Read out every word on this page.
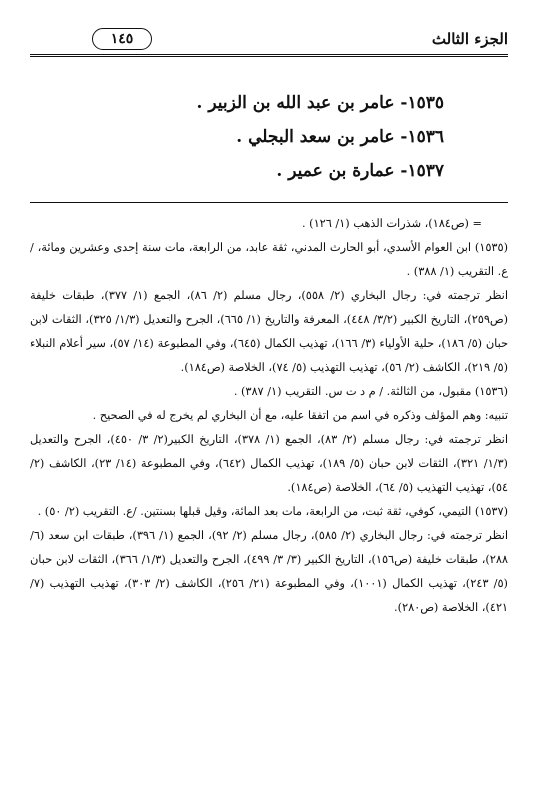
الجزء الثالث
١٤٥

١٥٣٥- عامر بن عبد الله بن الزبير .

١٥٣٦- عامر بن سعد البجلي .

١٥٣٧- عمارة بن عمير .

= (ص١٨٤)، شذرات الذهب (١/ ١٢٦) .

(١٥٣٥) ابن العوام الأسدي، أبو الحارث المدني، ثقة عابد، من الرابعة، مات سنة إحدى وعشرين ومائة، / ع. التقريب (١/ ٣٨٨) .

انظر ترجمته في: رجال البخاري (٢/ ٥٥٨)، رجال مسلم (٢/ ٨٦)، الجمع (١/ ٣٧٧)، طبقات خليفة (ص٢٥٩)، التاريخ الكبير (٣/٢/ ٤٤٨)، المعرفة والتاريخ (١/ ٦٦٥)، الجرح والتعديل (١/٣/ ٣٢٥)، الثقات لابن حبان (٥/ ١٨٦)، حلية الأولياء (٣/ ١٦٦)، تهذيب الكمال (٦٤٥)، وفي المطبوعة (١٤/ ٥٧)، سير أعلام النبلاء (٥/ ٢١٩)، الكاشف (٢/ ٥٦)، تهذيب التهذيب (٥/ ٧٤)، الخلاصة (ص١٨٤).

(١٥٣٦) مقبول، من الثالثة. / م د ت س. التقريب (١/ ٣٨٧) .

تنبيه: وهم المؤلف وذكره في اسم من اتفقا عليه، مع أن البخاري لم يخرج له في الصحيح .

انظر ترجمته في: رجال مسلم (٢/ ٨٣)، الجمع (١/ ٣٧٨)، التاريخ الكبير(٢/ ٣/ ٤٥٠)، الجرح والتعديل (١/٣/ ٣٢١)، الثقات لابن حبان (٥/ ١٨٩)، تهذيب الكمال (٦٤٢)، وفي المطبوعة (١٤/ ٢٣)، الكاشف (٢/ ٥٤)، تهذيب التهذيب (٥/ ٦٤)، الخلاصة (ص١٨٤).

(١٥٣٧) التيمي، كوفي، ثقة ثبت، من الرابعة، مات بعد المائة، وقيل قبلها بسنتين. /ع. التقريب (٢/ ٥٠) .

انظر ترجمته في: رجال البخاري (٢/ ٥٨٥)، رجال مسلم (٢/ ٩٢)، الجمع (١/ ٣٩٦)، طبقات ابن سعد (٦/ ٢٨٨)، طبقات خليفة (ص١٥٦)، التاريخ الكبير (٣/ ٣/ ٤٩٩)، الجرح والتعديل (١/٣/ ٣٦٦)، الثقات لابن حبان (٥/ ٢٤٣)، تهذيب الكمال (١٠٠١)، وفي المطبوعة (٢١/ ٢٥٦)، الكاشف (٢/ ٣٠٣)، تهذيب التهذيب (٧/ ٤٢١)، الخلاصة (ص٢٨٠).
